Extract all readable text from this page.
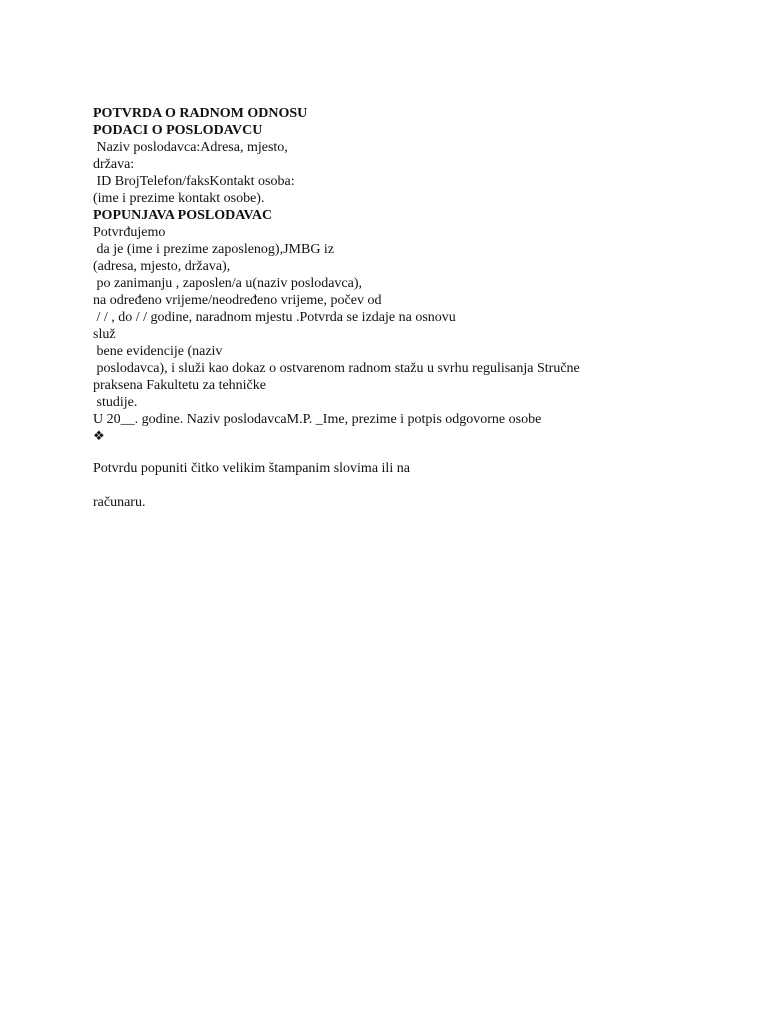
POTVRDA O RADNOM ODNOSU
PODACI O POSLODAVCU
Naziv poslodavca:Adresa, mjesto,
država:
ID BrojTelefon/faksKontakt osoba:
(ime i prezime kontakt osobe).
POPUNJAVA POSLODAVAC
Potvrđujemo
da je (ime i prezime zaposlenog),JMBG iz
(adresa, mjesto, država),
po zanimanju , zaposlen/a u(naziv poslodavca),
na određeno vrijeme/neodređeno vrijeme, počev od
/ / , do / / godine, naradnom mjestu .Potvrda se izdaje na osnovu
služ
bene evidencije (naziv
poslodavca), i služi kao dokaz o ostvarenom radnom stažu u svrhu regulisanja Stručne
praksena Fakultetu za tehničke
studije.
U 20__. godine. Naziv poslodavcaM.P. _Ime, prezime i potpis odgovorne osobe
❖
Potvrdu popuniti čitko velikim štampanim slovima ili na
računaru.
